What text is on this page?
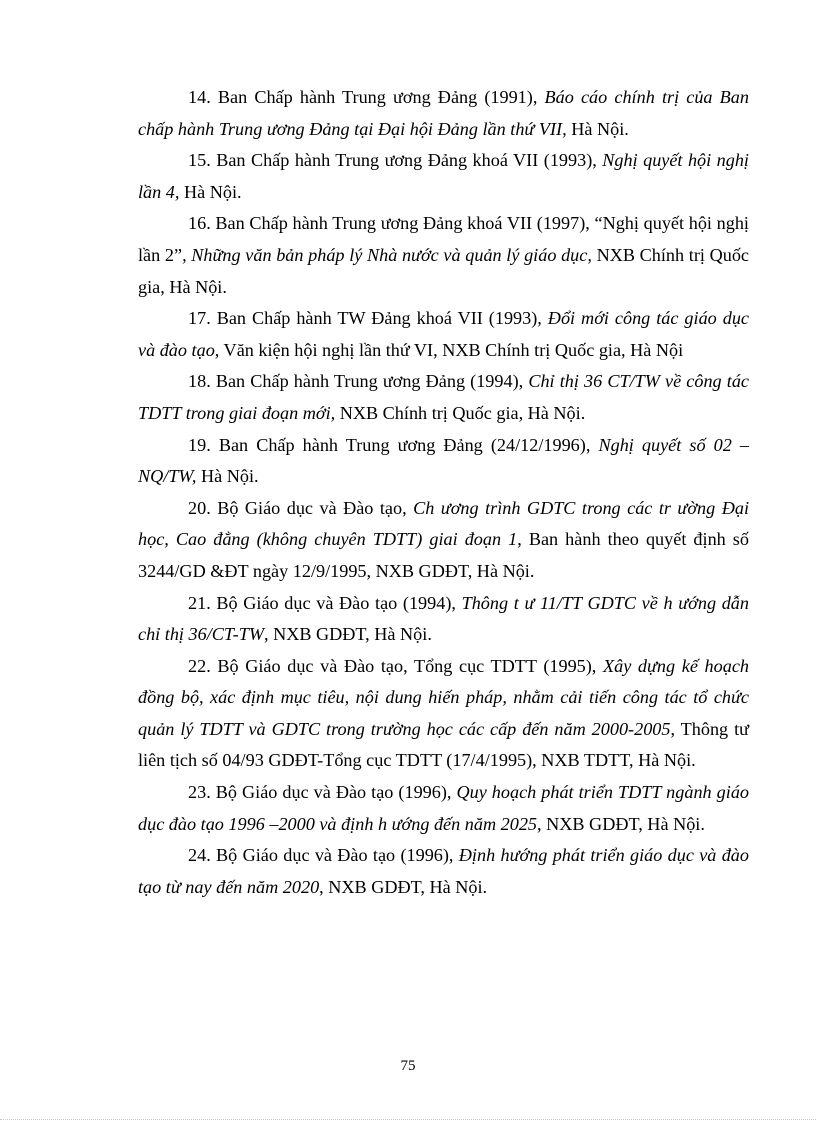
14. Ban Chấp hành Trung ương Đảng (1991), Báo cáo chính trị của Ban chấp hành Trung ương Đảng tại Đại hội Đảng lần thứ VII, Hà Nội.

15. Ban Chấp hành Trung ương Đảng khoá VII (1993), Nghị quyết hội nghị lần 4, Hà Nội.

16. Ban Chấp hành Trung ương Đảng khoá VII (1997), “Nghị quyết hội nghị lần 2”, Những văn bản pháp lý Nhà nước và quản lý giáo dục, NXB Chính trị Quốc gia, Hà Nội.

17. Ban Chấp hành TW Đảng khoá VII (1993), Đổi mới công tác giáo dục và đào tạo, Văn kiện hội nghị lần thứ VI, NXB Chính trị Quốc gia, Hà Nội

18. Ban Chấp hành Trung ương Đảng (1994), Chỉ thị 36 CT/TW về công tác TDTT trong giai đoạn mới, NXB Chính trị Quốc gia, Hà Nội.

19. Ban Chấp hành Trung ương Đảng (24/12/1996), Nghị quyết số 02 – NQ/TW, Hà Nội.

20. Bộ Giáo dục và Đào tạo, Ch ương trình GDTC trong các tr ường Đại học, Cao đẳng (không chuyên TDTT) giai đoạn 1, Ban hành theo quyết định số 3244/GD &ĐT ngày 12/9/1995, NXB GDĐT, Hà Nội.

21. Bộ Giáo dục và Đào tạo (1994), Thông t ư 11/TT GDTC về h ướng dẫn chỉ thị 36/CT-TW, NXB GDĐT, Hà Nội.

22. Bộ Giáo dục và Đào tạo, Tổng cục TDTT (1995), Xây dựng kế hoạch đồng bộ, xác định mục tiêu, nội dung hiến pháp, nhằm cải tiến công tác tổ chức quản lý TDTT và GDTC trong trường học các cấp đến năm 2000-2005, Thông tư liên tịch số 04/93 GDĐT-Tổng cục TDTT (17/4/1995), NXB TDTT, Hà Nội.

23. Bộ Giáo dục và Đào tạo (1996), Quy hoạch phát triển TDTT ngành giáo dục đào tạo 1996 –2000 và định h ướng đến năm 2025, NXB GDĐT, Hà Nội.

24. Bộ Giáo dục và Đào tạo (1996), Định hướng phát triển giáo dục và đào tạo từ nay đến năm 2020, NXB GDĐT, Hà Nội.

75
